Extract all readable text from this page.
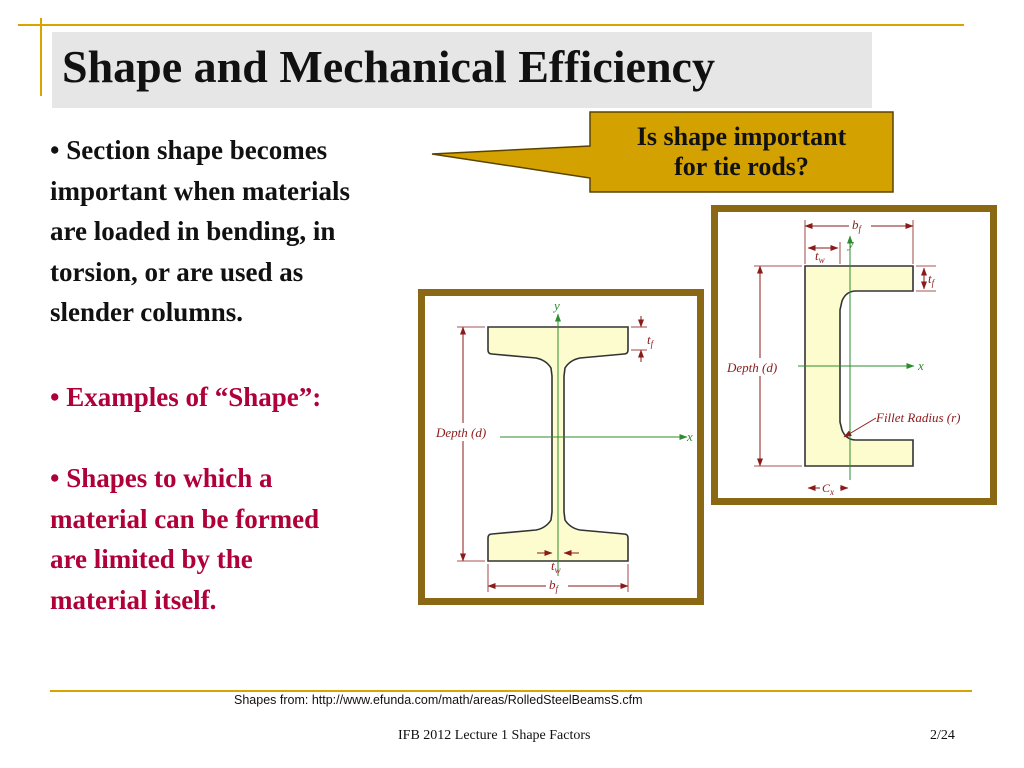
Shape and Mechanical Efficiency
• Section shape becomes
important when materials
are loaded in bending, in
torsion, or are used as
slender columns.
• Examples of “Shape”:
• Shapes to which a
material can be formed
are limited by the
material itself.
Is shape important
for tie rods?
Depth (d)
y
x
$t_f$
$t_w$
$b_f$
$b_f$
$t_w$
$t_f$
y
x
Depth (d)
Fillet Radius (r)
$C_x$
Shapes from: http://www.efunda.com/math/areas/RolledSteelBeamsS.cfm
IFB 2012 Lecture 1 Shape Factors	2/24
